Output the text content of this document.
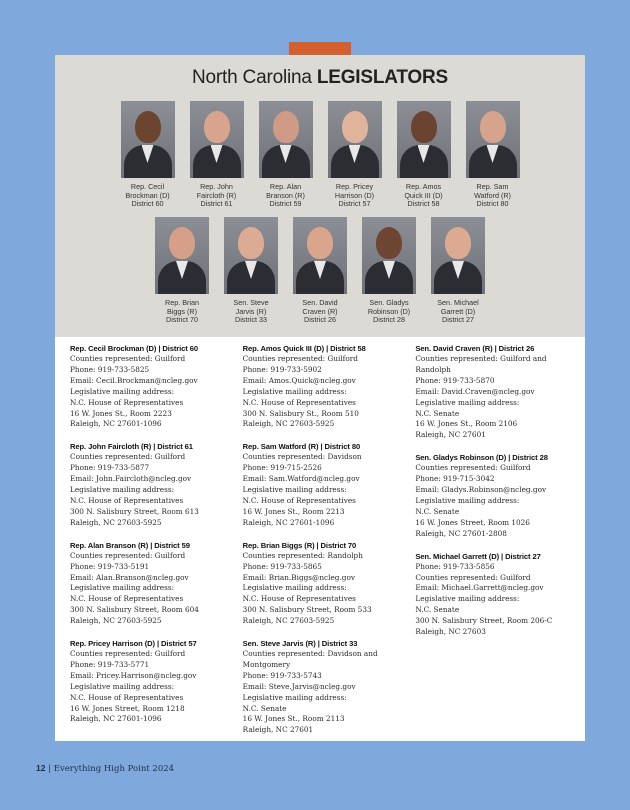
North Carolina LEGISLATORS
Rep. Cecil
Brockman (D)
District 60
Rep. John
Faircloth (R)
District 61
Rep. Alan
Branson (R)
District 59
Rep. Pricey
Harrison (D)
District 57
Rep. Amos
Quick III (D)
District 58
Rep. Sam
Watford (R)
District 80
Rep. Brian
Biggs (R)
District 70
Sen. Steve
Jarvis (R)
District 33
Sen. David
Craven (R)
District 26
Sen. Gladys
Robinson (D)
District 28
Sen. Michael
Garrett (D)
District 27
Rep. Cecil Brockman (D) | District 60
Counties represented: Guilford
Phone: 919-733-5825
Email: Cecil.Brockman@ncleg.gov
Legislative mailing address:
N.C. House of Representatives
16 W. Jones St., Room 2223
Raleigh, NC 27601-1096
Rep. John Faircloth (R) | District 61
Counties represented: Guilford
Phone: 919-733-5877
Email: John.Faircloth@ncleg.gov
Legislative mailing address:
N.C. House of Representatives
300 N. Salisbury Street, Room 613
Raleigh, NC 27603-5925
Rep. Alan Branson (R) | District 59
Counties represented: Guilford
Phone: 919-733-5191
Email: Alan.Branson@ncleg.gov
Legislative mailing address:
N.C. House of Representatives
300 N. Salisbury Street, Room 604
Raleigh, NC 27603-5925
Rep. Pricey Harrison (D) | District 57
Counties represented: Guilford
Phone: 919-733-5771
Email: Pricey.Harrison@ncleg.gov
Legislative mailing address:
N.C. House of Representatives
16 W. Jones Street, Room 1218
Raleigh, NC 27601-1096
Rep. Amos Quick III (D) | District 58
Counties represented: Guilford
Phone: 919-733-5902
Email: Amos.Quick@ncleg.gov
Legislative mailing address:
N.C. House of Representatives
300 N. Salisbury St., Room 510
Raleigh, NC 27603-5925
Rep. Sam Watford (R) | District 80
Counties represented: Davidson
Phone: 919-715-2526
Email: Sam.Watford@ncleg.gov
Legislative mailing address:
N.C. House of Representatives
16 W. Jones St., Room 2213
Raleigh, NC 27601-1096
Rep. Brian Biggs (R) | District 70
Counties represented: Randolph
Phone: 919-733-5865
Email: Brian.Biggs@ncleg.gov
Legislative mailing address:
N.C. House of Representatives
300 N. Salisbury Street, Room 533
Raleigh, NC 27603-5925
Sen. Steve Jarvis (R) | District 33
Counties represented: Davidson and
Montgomery
Phone: 919-733-5743
Email: Steve.Jarvis@ncleg.gov
Legislative mailing address:
N.C. Senate
16 W. Jones St., Room 2113
Raleigh, NC 27601
Sen. David Craven (R) | District 26
Counties represented: Guilford and
Randolph
Phone: 919-733-5870
Email: David.Craven@ncleg.gov
Legislative mailing address:
N.C. Senate
16 W. Jones St., Room 2106
Raleigh, NC 27601
Sen. Gladys Robinson (D) | District 28
Counties represented: Guilford
Phone: 919-715-3042
Email: Gladys.Robinson@ncleg.gov
Legislative mailing address:
N.C. Senate
16 W. Jones Street, Room 1026
Raleigh, NC 27601-2808
Sen. Michael Garrett (D) | District 27
Phone: 919-733-5856
Counties represented: Guilford
Email: Michael.Garrett@ncleg.gov
Legislative mailing address:
N.C. Senate
300 N. Salisbury Street, Room 206-C
Raleigh, NC 27603
12 | Everything High Point 2024
